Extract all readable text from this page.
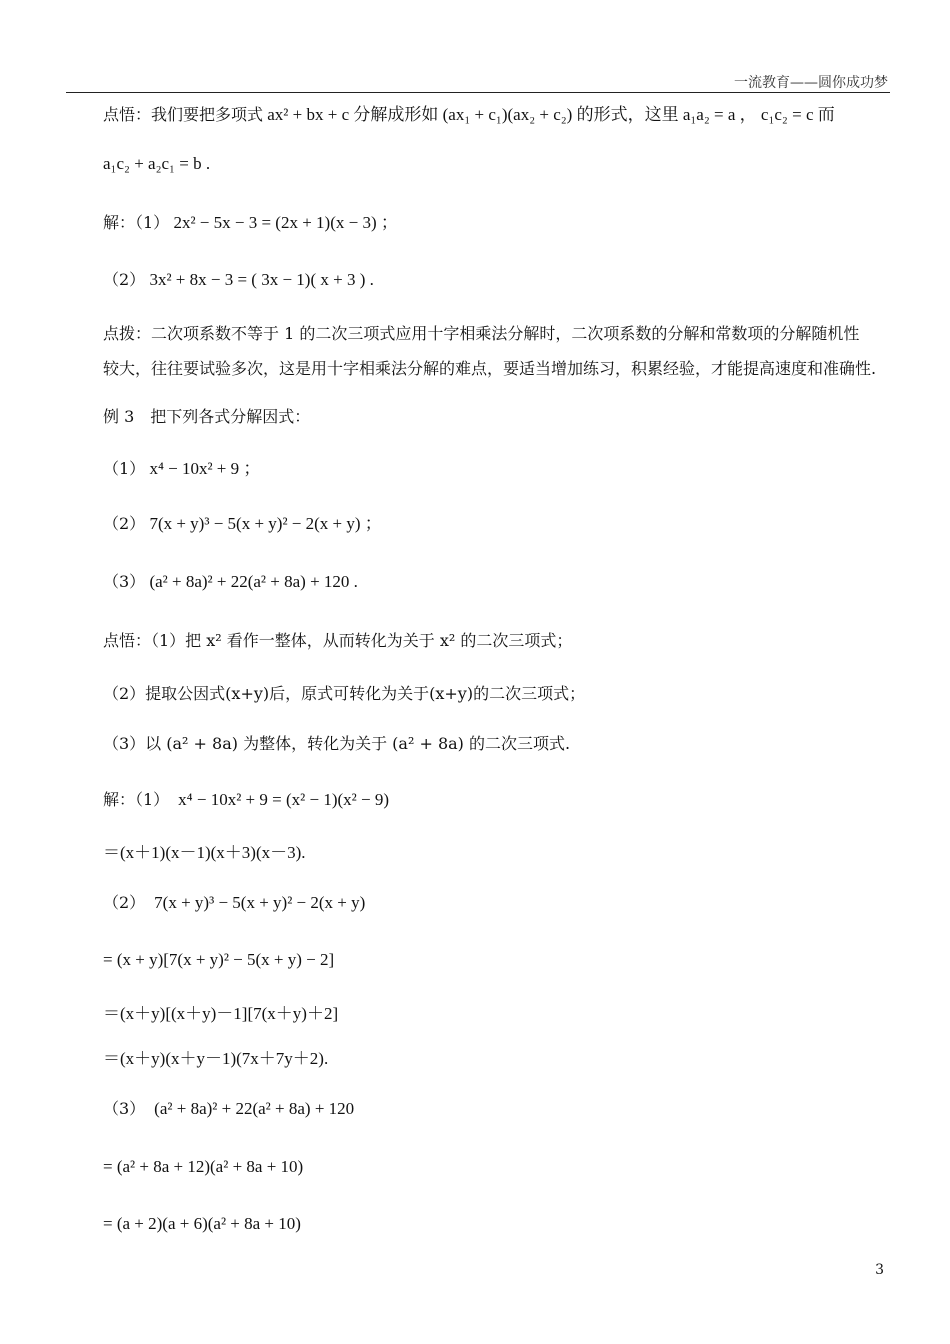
一流教育——圆你成功梦
点悟：我们要把多项式 ax² + bx + c 分解成形如 (ax₁ + c₁)(ax₂ + c₂) 的形式，这里 a₁a₂ = a ， c₁c₂ = c 而
a₁c₂ + a₂c₁ = b .
解：（1） 2x² − 5x − 3 = (2x + 1)(x − 3) ；
（2） 3x² + 8x − 3 = ( 3x − 1)( x + 3 ) .
点拨：二次项系数不等于 1 的二次三项式应用十字相乘法分解时，二次项系数的分解和常数项的分解随机性
较大，往往要试验多次，这是用十字相乘法分解的难点，要适当增加练习，积累经验，才能提高速度和准确性.
例 3　把下列各式分解因式：
（1） x⁴ − 10x² + 9 ；
（2） 7(x + y)³ − 5(x + y)² − 2(x + y) ；
（3） (a² + 8a)² + 22(a² + 8a) + 120 .
点悟：（1）把 x² 看作一整体，从而转化为关于 x² 的二次三项式；
（2）提取公因式(x+y)后，原式可转化为关于(x+y)的二次三项式；
（3）以 (a² + 8a) 为整体，转化为关于 (a² + 8a) 的二次三项式.
解：（1）　x⁴ − 10x² + 9 = (x² − 1)(x² − 9)
＝(x＋1)(x－1)(x＋3)(x－3).
（2）　7(x + y)³ − 5(x + y)² − 2(x + y)
= (x + y)[7(x + y)² − 5(x + y) − 2]
＝(x＋y)[(x＋y)－1][7(x＋y)＋2]
＝(x＋y)(x＋y－1)(7x＋7y＋2).
（3）　(a² + 8a)² + 22(a² + 8a) + 120
= (a² + 8a + 12)(a² + 8a + 10)
= (a + 2)(a + 6)(a² + 8a + 10)
3
